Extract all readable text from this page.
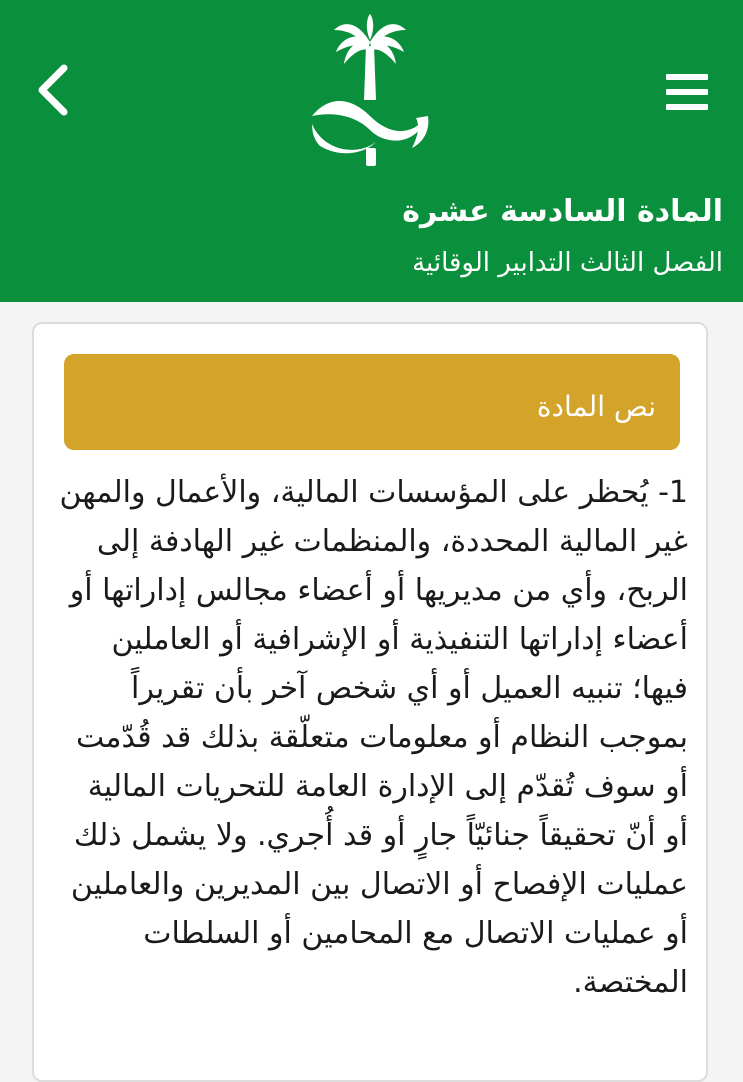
المادة السادسة عشرة
الفصل الثالث التدابير الوقائية
نص المادة

1- يُحظر على المؤسسات المالية، والأعمال والمهن غير المالية المحددة، والمنظمات غير الهادفة إلى الربح، وأي من مديريها أو أعضاء مجالس إداراتها أو أعضاء إداراتها التنفيذية أو الإشرافية أو العاملين فيها؛ تنبيه العميل أو أي شخص آخر بأن تقريراً بموجب النظام أو معلومات متعلّقة بذلك قد قُدّمت أو سوف تُقدّم إلى الإدارة العامة للتحريات المالية أو أنّ تحقيقاً جنائيّاً جارٍ أو قد أُجري. ولا يشمل ذلك عمليات الإفصاح أو الاتصال بين المديرين والعاملين أو عمليات الاتصال مع المحامين أو السلطات المختصة.
